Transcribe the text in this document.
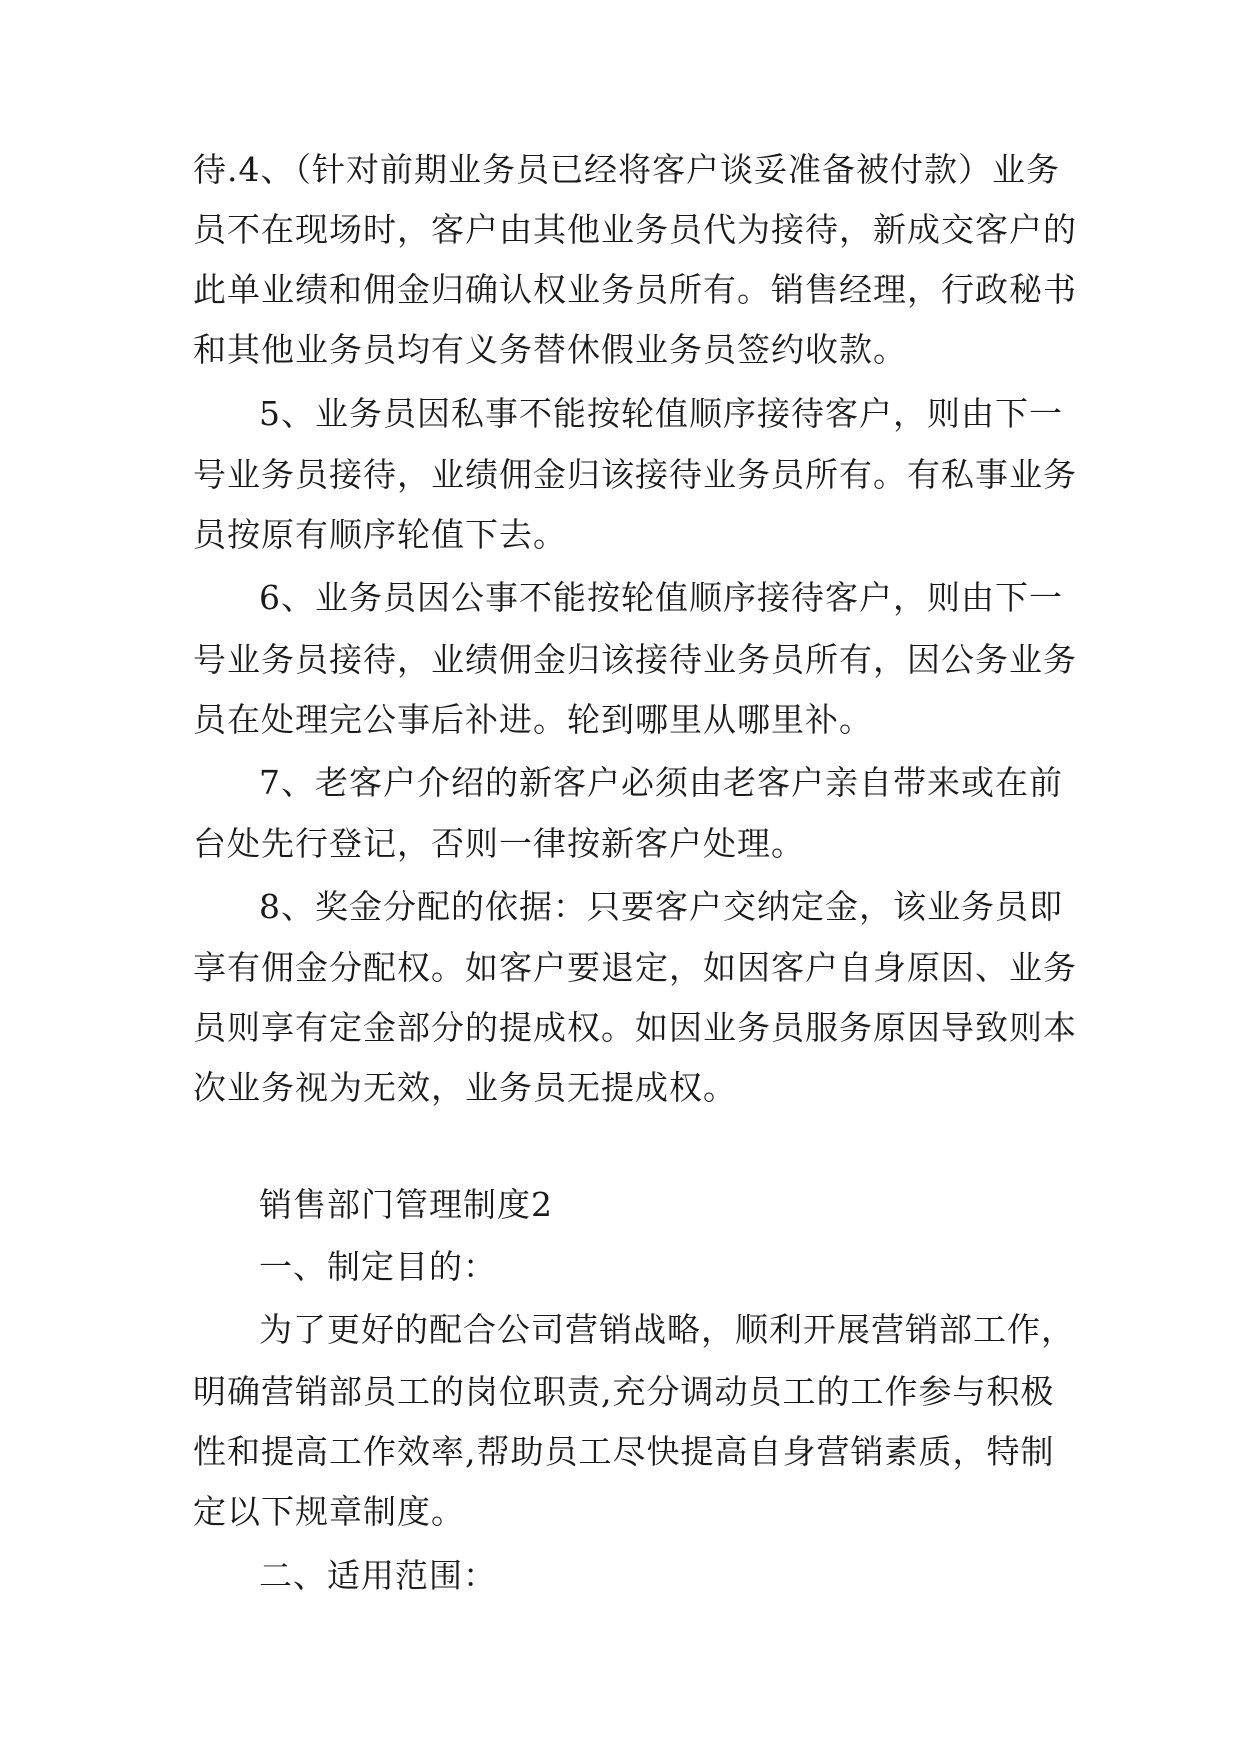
待.4、（针对前期业务员已经将客户谈妥准备被付款）业务
员不在现场时，客户由其他业务员代为接待，新成交客户的
此单业绩和佣金归确认权业务员所有。销售经理，行政秘书
和其他业务员均有义务替休假业务员签约收款。
5、业务员因私事不能按轮值顺序接待客户，则由下一
号业务员接待，业绩佣金归该接待业务员所有。有私事业务
员按原有顺序轮值下去。
6、业务员因公事不能按轮值顺序接待客户，则由下一
号业务员接待，业绩佣金归该接待业务员所有，因公务业务
员在处理完公事后补进。轮到哪里从哪里补。
7、老客户介绍的新客户必须由老客户亲自带来或在前
台处先行登记，否则一律按新客户处理。
8、奖金分配的依据：只要客户交纳定金，该业务员即
享有佣金分配权。如客户要退定，如因客户自身原因、业务
员则享有定金部分的提成权。如因业务员服务原因导致则本
次业务视为无效，业务员无提成权。
销售部门管理制度2
一、制定目的：
为了更好的配合公司营销战略，顺利开展营销部工作，
明确营销部员工的岗位职责,充分调动员工的工作参与积极
性和提高工作效率,帮助员工尽快提高自身营销素质，特制
定以下规章制度。
二、适用范围：
